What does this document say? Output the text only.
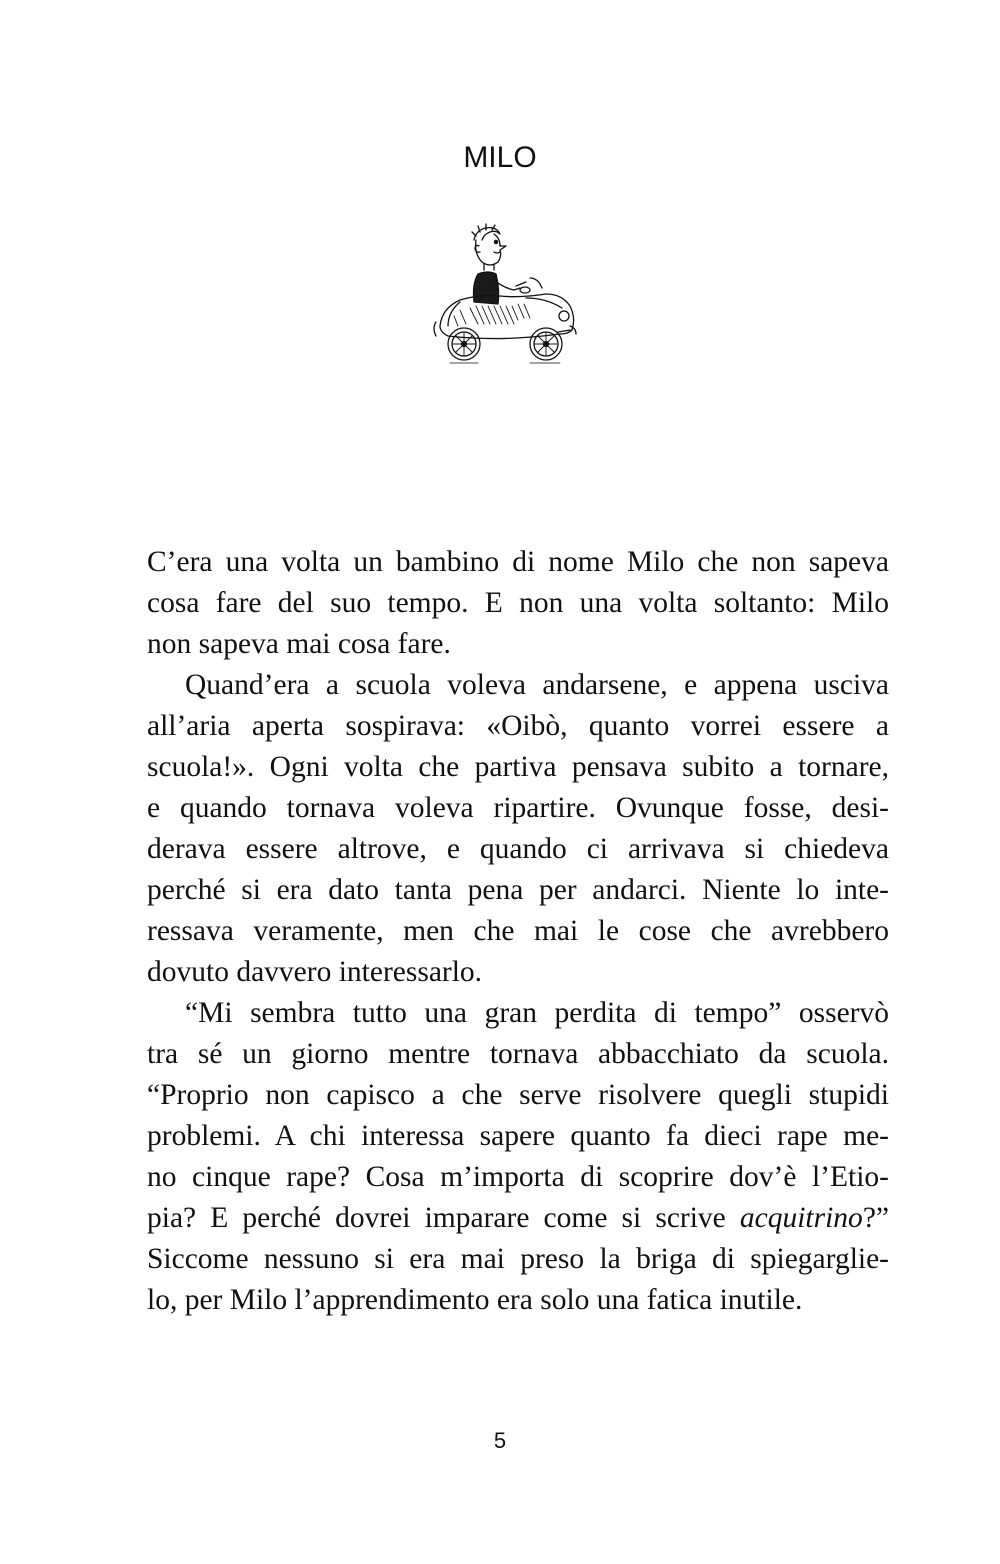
MILO
C’era una volta un bambino di nome Milo che non sapeva
cosa fare del suo tempo. E non una volta soltanto: Milo
non sapeva mai cosa fare.
Quand’era a scuola voleva andarsene, e appena usciva
all’aria aperta sospirava: «Oibò, quanto vorrei essere a
scuola!». Ogni volta che partiva pensava subito a tornare,
e quando tornava voleva ripartire. Ovunque fosse, desi-
derava essere altrove, e quando ci arrivava si chiedeva
perché si era dato tanta pena per andarci. Niente lo inte-
ressava veramente, men che mai le cose che avrebbero
dovuto davvero interessarlo.
“Mi sembra tutto una gran perdita di tempo” osservò
tra sé un giorno mentre tornava abbacchiato da scuola.
“Proprio non capisco a che serve risolvere quegli stupidi
problemi. A chi interessa sapere quanto fa dieci rape me-
no cinque rape? Cosa m’importa di scoprire dov’è l’Etio-
pia? E perché dovrei imparare come si scrive acquitrino?”
Siccome nessuno si era mai preso la briga di spiegarglie-
lo, per Milo l’apprendimento era solo una fatica inutile.
5
